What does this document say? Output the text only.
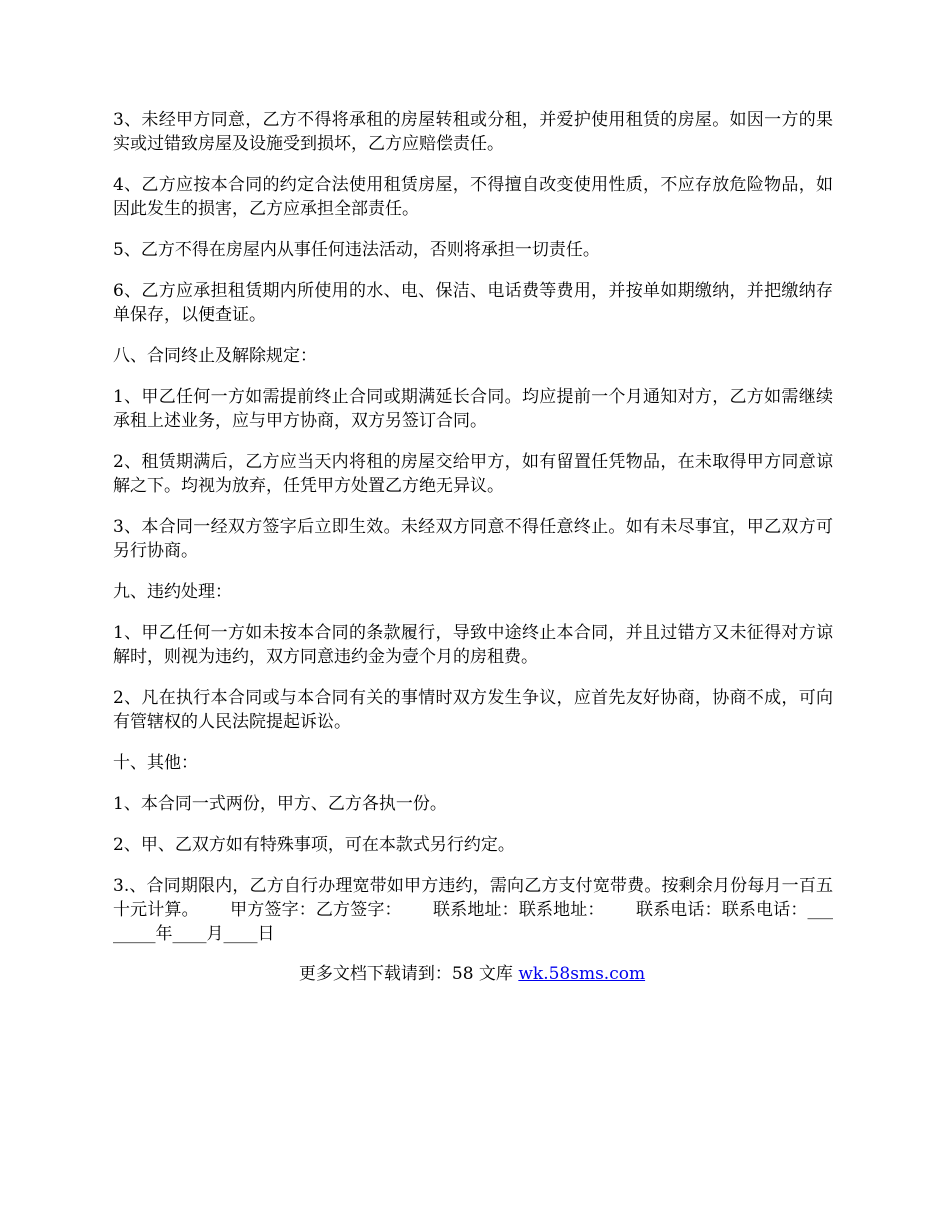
3、未经甲方同意，乙方不得将承租的房屋转租或分租，并爱护使用租赁的房屋。如因一方的果实或过错致房屋及设施受到损坏，乙方应赔偿责任。

4、乙方应按本合同的约定合法使用租赁房屋，不得擅自改变使用性质，不应存放危险物品，如因此发生的损害，乙方应承担全部责任。

5、乙方不得在房屋内从事任何违法活动，否则将承担一切责任。

6、乙方应承担租赁期内所使用的水、电、保洁、电话费等费用，并按单如期缴纳，并把缴纳存单保存，以便查证。

八、合同终止及解除规定：

1、甲乙任何一方如需提前终止合同或期满延长合同。均应提前一个月通知对方，乙方如需继续承租上述业务，应与甲方协商，双方另签订合同。

2、租赁期满后，乙方应当天内将租的房屋交给甲方，如有留置任凭物品，在未取得甲方同意谅解之下。均视为放弃，任凭甲方处置乙方绝无异议。

3、本合同一经双方签字后立即生效。未经双方同意不得任意终止。如有未尽事宜，甲乙双方可另行协商。

九、违约处理：

1、甲乙任何一方如未按本合同的条款履行，导致中途终止本合同，并且过错方又未征得对方谅解时，则视为违约，双方同意违约金为壹个月的房租费。

2、凡在执行本合同或与本合同有关的事情时双方发生争议，应首先友好协商，协商不成，可向有管辖权的人民法院提起诉讼。

十、其他：

1、本合同一式两份，甲方、乙方各执一份。

2、甲、乙双方如有特殊事项，可在本款式另行约定。

3.、合同期限内，乙方自行办理宽带如甲方违约，需向乙方支付宽带费。按剩余月份每月一百五十元计算。　　 甲方签字：乙方签字：　　 联系地址：联系地址：　　 联系电话：联系电话：________年____月____日

更多文档下载请到：58 文库 wk.58sms.com
